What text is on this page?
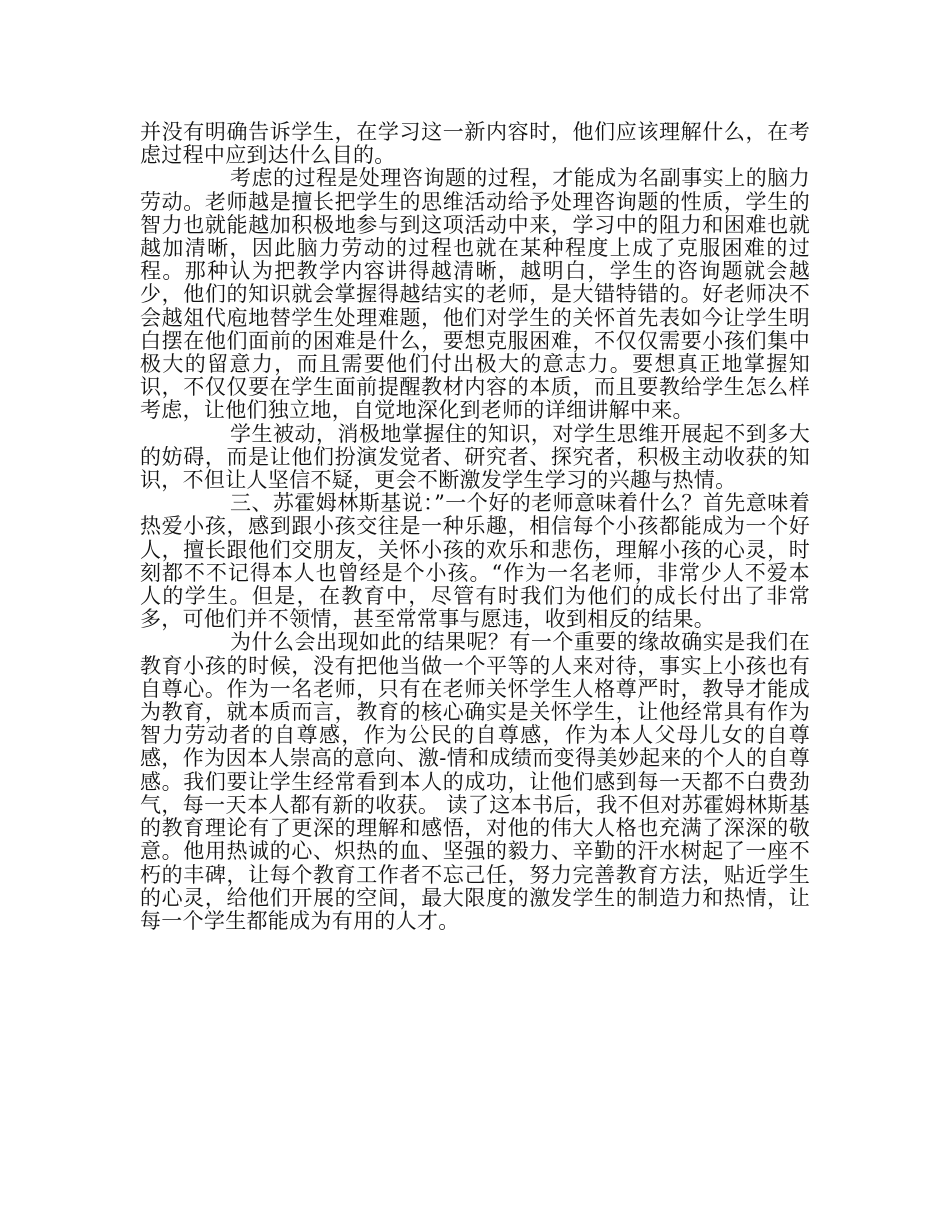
并没有明确告诉学生，在学习这一新内容时，他们应该理解什么，在考虑过程中应到达什么目的。

考虑的过程是处理咨询题的过程，才能成为名副事实上的脑力劳动。老师越是擅长把学生的思维活动给予处理咨询题的性质，学生的智力也就能越加积极地参与到这项活动中来，学习中的阻力和困难也就越加清晰，因此脑力劳动的过程也就在某种程度上成了克服困难的过程。那种认为把教学内容讲得越清晰，越明白，学生的咨询题就会越少，他们的知识就会掌握得越结实的老师，是大错特错的。好老师决不会越俎代庖地替学生处理难题，他们对学生的关怀首先表如今让学生明白摆在他们面前的困难是什么，要想克服困难，不仅仅需要小孩们集中极大的留意力，而且需要他们付出极大的意志力。要想真正地掌握知识，不仅仅要在学生面前提醒教材内容的本质，而且要教给学生怎么样考虑，让他们独立地，自觉地深化到老师的详细讲解中来。

学生被动，消极地掌握住的知识，对学生思维开展起不到多大的妨碍，而是让他们扮演发觉者、研究者、探究者，积极主动收获的知识，不但让人坚信不疑，更会不断激发学生学习的兴趣与热情。

三、苏霍姆林斯基说：”一个好的老师意味着什么？首先意味着热爱小孩，感到跟小孩交往是一种乐趣，相信每个小孩都能成为一个好人，擅长跟他们交朋友，关怀小孩的欢乐和悲伤，理解小孩的心灵，时刻都不不记得本人也曾经是个小孩。“作为一名老师，非常少人不爱本人的学生。但是，在教育中，尽管有时我们为他们的成长付出了非常多，可他们并不领情，甚至常常事与愿违，收到相反的结果。

为什么会出现如此的结果呢？有一个重要的缘故确实是我们在教育小孩的时候，没有把他当做一个平等的人来对待，事实上小孩也有自尊心。作为一名老师，只有在老师关怀学生人格尊严时，教导才能成为教育，就本质而言，教育的核心确实是关怀学生，让他经常具有作为智力劳动者的自尊感，作为公民的自尊感，作为本人父母儿女的自尊感，作为因本人崇高的意向、激-情和成绩而变得美妙起来的个人的自尊感。我们要让学生经常看到本人的成功，让他们感到每一天都不白费劲气，每一天本人都有新的收获。 读了这本书后，我不但对苏霍姆林斯基的教育理论有了更深的理解和感悟，对他的伟大人格也充满了深深的敬意。他用热诚的心、炽热的血、坚强的毅力、辛勤的汗水树起了一座不朽的丰碑，让每个教育工作者不忘己任，努力完善教育方法，贴近学生的心灵，给他们开展的空间，最大限度的激发学生的制造力和热情，让每一个学生都能成为有用的人才。
